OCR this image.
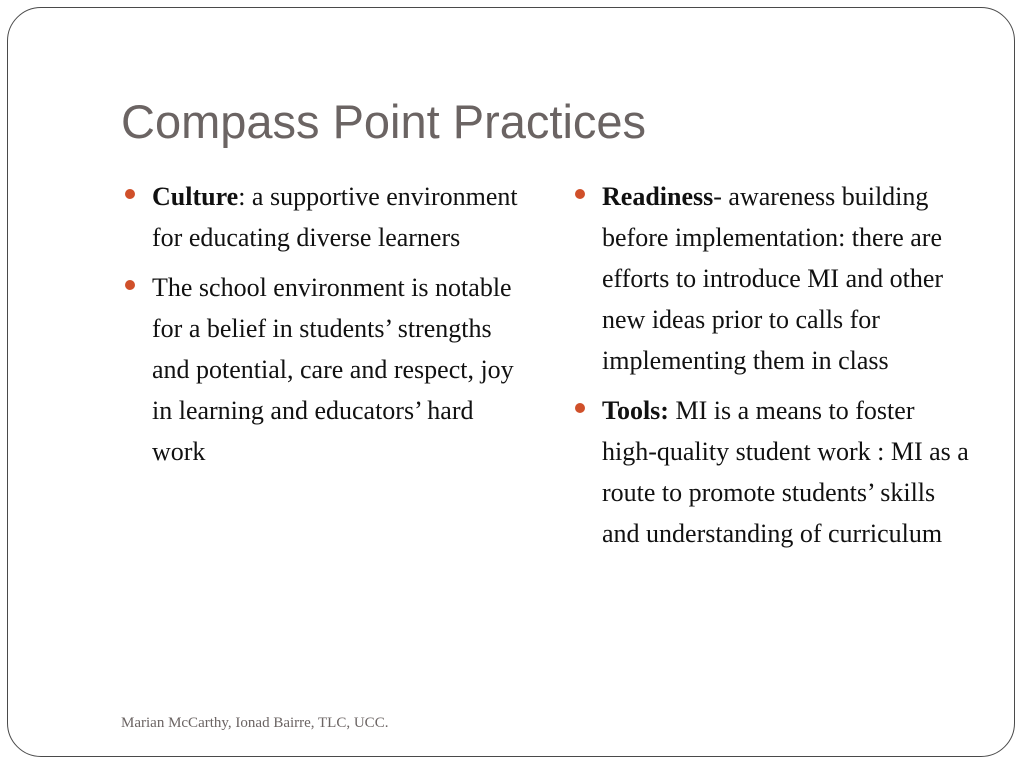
Compass Point Practices
Culture: a supportive environment for educating diverse learners
The school environment is notable for a belief in students’ strengths and potential, care and respect, joy in learning and educators’ hard work
Readiness- awareness building before implementation: there are efforts to introduce MI and other new ideas prior to calls for implementing them in class
Tools: MI is a means to foster high-quality student work : MI as a route to promote students’ skills and understanding of curriculum
Marian McCarthy, Ionad Bairre, TLC, UCC.
